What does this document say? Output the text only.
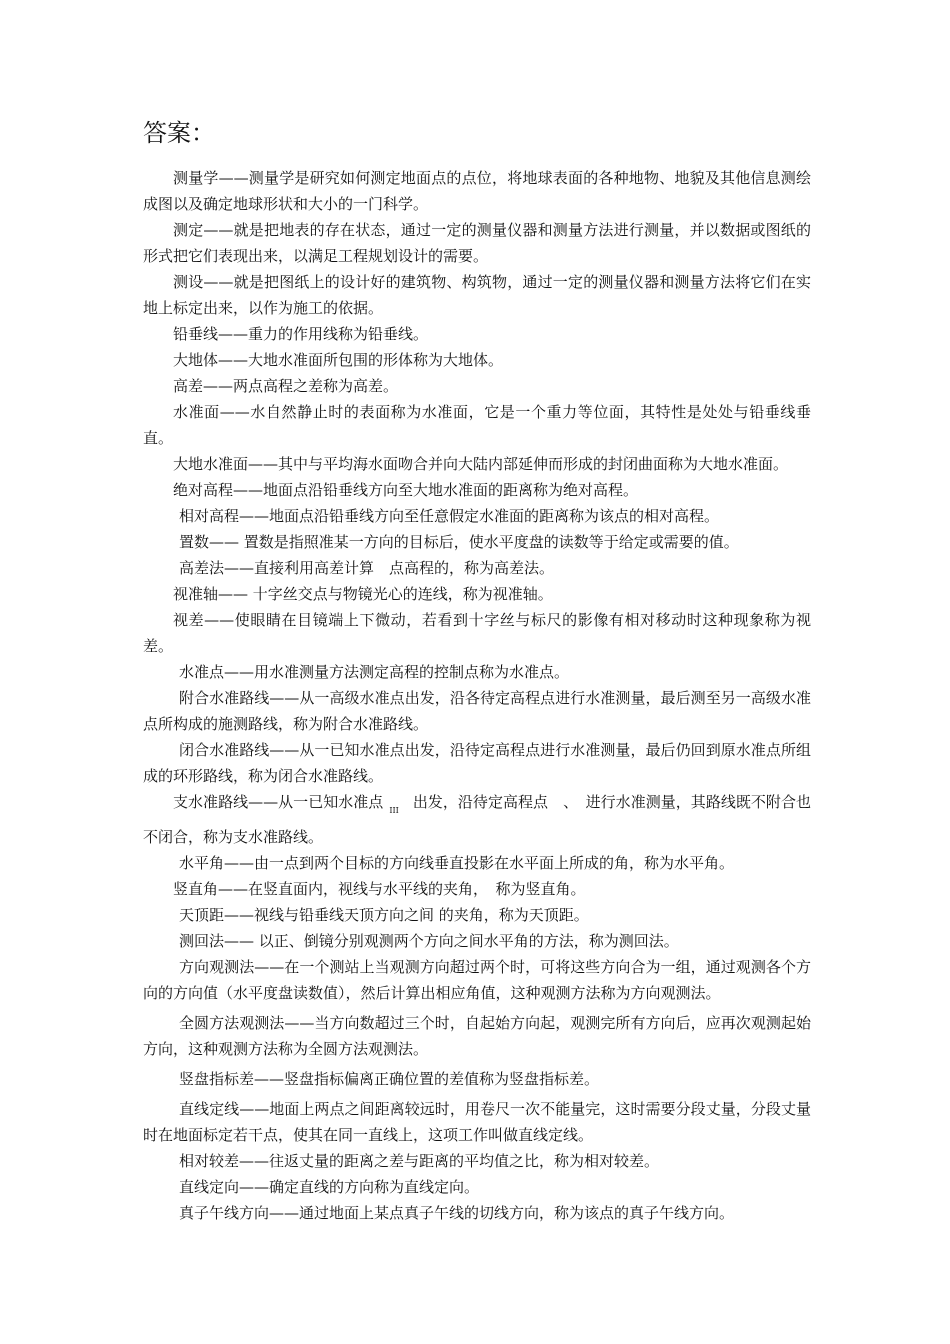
答案：

测量学——测量学是研究如何测定地面点的点位，将地球表面的各种地物、地貌及其他信息测绘成图以及确定地球形状和大小的一门科学。

测定——就是把地表的存在状态，通过一定的测量仪器和测量方法进行测量，并以数据或图纸的形式把它们表现出来，以满足工程规划设计的需要。

测设——就是把图纸上的设计好的建筑物、构筑物，通过一定的测量仪器和测量方法将它们在实地上标定出来，以作为施工的依据。

铅垂线——重力的作用线称为铅垂线。

大地体——大地水准面所包围的形体称为大地体。

高差——两点高程之差称为高差。

水准面——水自然静止时的表面称为水准面，它是一个重力等位面，其特性是处处与铅垂线垂直。

大地水准面——其中与平均海水面吻合并向大陆内部延伸而形成的封闭曲面称为大地水准面。

绝对高程——地面点沿铅垂线方向至大地水准面的距离称为绝对高程。

相对高程——地面点沿铅垂线方向至任意假定水准面的距离称为该点的相对高程。

置数—— 置数是指照准某一方向的目标后，使水平度盘的读数等于给定或需要的值。

高差法——直接利用高差计算　点高程的，称为高差法。

视准轴—— 十字丝交点与物镜光心的连线，称为视准轴。

视差——使眼睛在目镜端上下微动，若看到十字丝与标尺的影像有相对移动时这种现象称为视差。

水准点——用水准测量方法测定高程的控制点称为水准点。

附合水准路线——从一高级水准点出发，沿各待定高程点进行水准测量，最后测至另一高级水准点所构成的施测路线，称为附合水准路线。

闭合水准路线——从一已知水准点出发，沿待定高程点进行水准测量，最后仍回到原水准点所组成的环形路线，称为闭合水准路线。

支水准路线——从一已知水准点 $_{III}$ 出发，沿待定高程点　、　进行水准测量，其路线既不附合也不闭合，称为支水准路线。

水平角——由一点到两个目标的方向线垂直投影在水平面上所成的角，称为水平角。

竖直角——在竖直面内，视线与水平线的夹角，　称为竖直角。

天顶距——视线与铅垂线天顶方向之间 的夹角，称为天顶距。

测回法—— 以正、倒镜分别观测两个方向之间水平角的方法，称为测回法。

方向观测法——在一个测站上当观测方向超过两个时，可将这些方向合为一组，通过观测各个方向的方向值（水平度盘读数值），然后计算出相应角值，这种观测方法称为方向观测法。

全圆方法观测法——当方向数超过三个时，自起始方向起，观测完所有方向后，应再次观测起始方向，这种观测方法称为全圆方法观测法。

竖盘指标差——竖盘指标偏离正确位置的差值称为竖盘指标差。

直线定线——地面上两点之间距离较远时，用卷尺一次不能量完，这时需要分段丈量，分段丈量时在地面标定若干点，使其在同一直线上，这项工作叫做直线定线。

相对较差——往返丈量的距离之差与距离的平均值之比，称为相对较差。

直线定向——确定直线的方向称为直线定向。

真子午线方向——通过地面上某点真子午线的切线方向，称为该点的真子午线方向。
